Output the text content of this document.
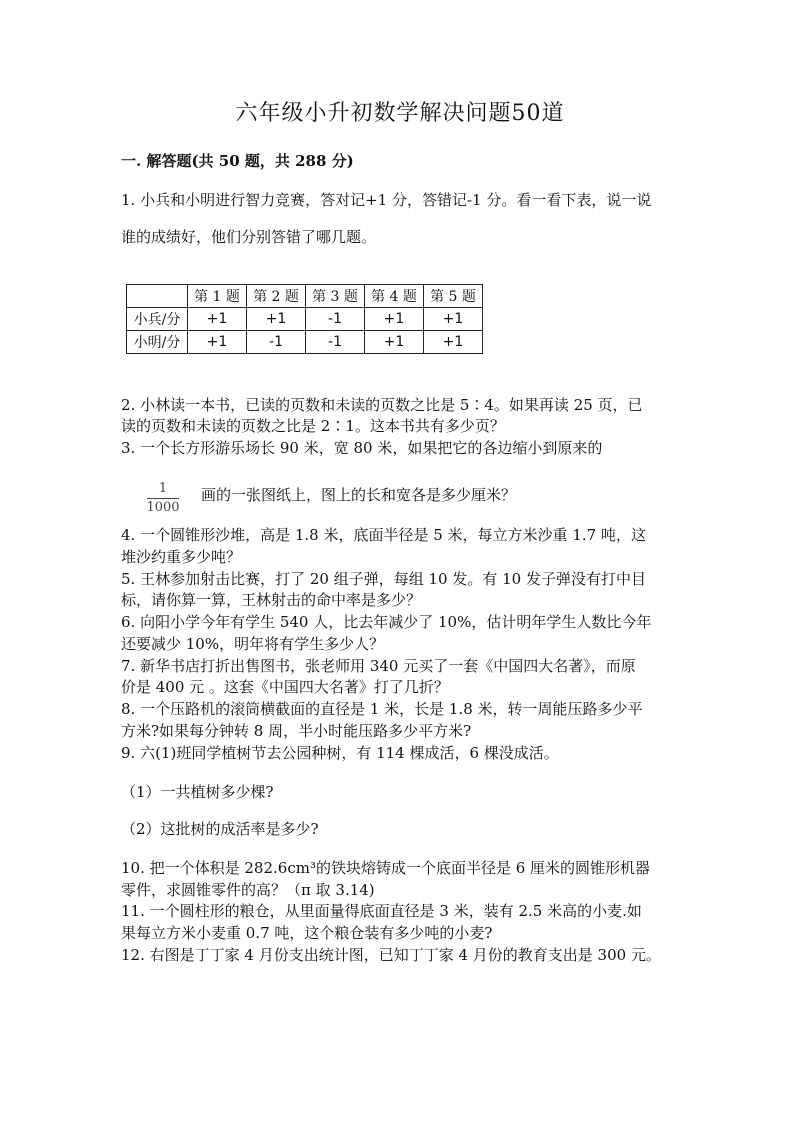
六年级小升初数学解决问题50道
一. 解答题(共 50 题，共 288 分)
1. 小兵和小明进行智力竞赛，答对记+1 分，答错记-1 分。看一看下表，说一说
谁的成绩好，他们分别答错了哪几题。
	第 1 题	第 2 题	第 3 题	第 4 题	第 5 题
小兵/分	+1	+1	-1	+1	+1
小明/分	+1	-1	-1	+1	+1
2. 小林读一本书，已读的页数和未读的页数之比是 5∶4。如果再读 25 页，已
读的页数和未读的页数之比是 2∶1。这本书共有多少页？
3. 一个长方形游乐场长 90 米，宽 80 米，如果把它的各边缩小到原来的
1
1000
画的一张图纸上，图上的长和宽各是多少厘米？
4. 一个圆锥形沙堆，高是 1.8 米，底面半径是 5 米，每立方米沙重 1.7 吨，这
堆沙约重多少吨？
5. 王林参加射击比赛，打了 20 组子弹，每组 10 发。有 10 发子弹没有打中目
标，请你算一算，王林射击的命中率是多少？
6. 向阳小学今年有学生 540 人，比去年减少了 10%，估计明年学生人数比今年
还要减少 10%，明年将有学生多少人？
7. 新华书店打折出售图书，张老师用 340 元买了一套《中国四大名著》，而原
价是 400 元 。这套《中国四大名著》打了几折？
8. 一个压路机的滚筒横截面的直径是 1 米，长是 1.8 米，转一周能压路多少平
方米?如果每分钟转 8 周，半小时能压路多少平方米?
9. 六(1)班同学植树节去公园种树，有 114 棵成活，6 棵没成活。
（1）一共植树多少棵?
（2）这批树的成活率是多少?
10. 把一个体积是 282.6cm³的铁块熔铸成一个底面半径是 6 厘米的圆锥形机器
零件，求圆锥零件的高？（π 取 3.14)
11. 一个圆柱形的粮仓，从里面量得底面直径是 3 米，装有 2.5 米高的小麦.如
果每立方米小麦重 0.7 吨，这个粮仓装有多少吨的小麦?
12. 右图是丁丁家 4 月份支出统计图，已知丁丁家 4 月份的教育支出是 300 元。
